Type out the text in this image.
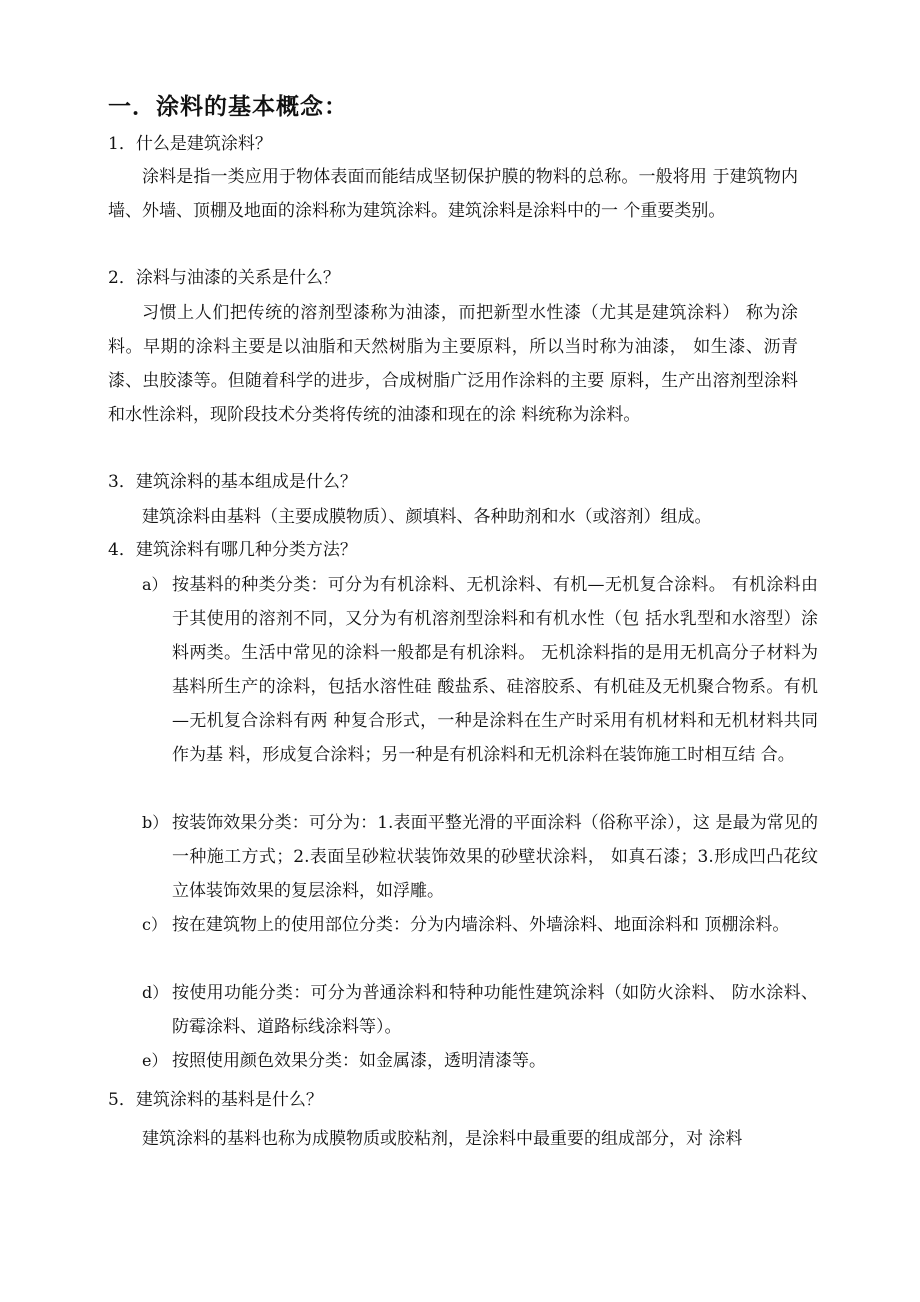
一．涂料的基本概念：

1．什么是建筑涂料？

涂料是指一类应用于物体表面而能结成坚韧保护膜的物料的总称。一般将用 于建筑物内墙、外墙、顶棚及地面的涂料称为建筑涂料。建筑涂料是涂料中的一 个重要类别。

2．涂料与油漆的关系是什么？

习惯上人们把传统的溶剂型漆称为油漆，而把新型水性漆（尤其是建筑涂料） 称为涂料。早期的涂料主要是以油脂和天然树脂为主要原料，所以当时称为油漆， 如生漆、沥青漆、虫胶漆等。但随着科学的进步，合成树脂广泛用作涂料的主要 原料，生产出溶剂型涂料和水性涂料，现阶段技术分类将传统的油漆和现在的涂 料统称为涂料。

3．建筑涂料的基本组成是什么？

建筑涂料由基料（主要成膜物质）、颜填料、各种助剂和水（或溶剂）组成。

4．建筑涂料有哪几种分类方法？

a） 按基料的种类分类：可分为有机涂料、无机涂料、有机—无机复合涂料。 有机涂料由于其使用的溶剂不同，又分为有机溶剂型涂料和有机水性（包 括水乳型和水溶型）涂料两类。生活中常见的涂料一般都是有机涂料。 无机涂料指的是用无机高分子材料为基料所生产的涂料，包括水溶性硅 酸盐系、硅溶胶系、有机硅及无机聚合物系。有机—无机复合涂料有两 种复合形式，一种是涂料在生产时采用有机材料和无机材料共同作为基 料，形成复合涂料；另一种是有机涂料和无机涂料在装饰施工时相互结 合。
b） 按装饰效果分类：可分为：1.表面平整光滑的平面涂料（俗称平涂），这 是最为常见的一种施工方式；2.表面呈砂粒状装饰效果的砂壁状涂料， 如真石漆；3.形成凹凸花纹立体装饰效果的复层涂料，如浮雕。
c） 按在建筑物上的使用部位分类：分为内墙涂料、外墙涂料、地面涂料和 顶棚涂料。
d） 按使用功能分类：可分为普通涂料和特种功能性建筑涂料（如防火涂料、 防水涂料、防霉涂料、道路标线涂料等）。
e） 按照使用颜色效果分类：如金属漆，透明清漆等。

5．建筑涂料的基料是什么？

建筑涂料的基料也称为成膜物质或胶粘剂，是涂料中最重要的组成部分，对 涂料
